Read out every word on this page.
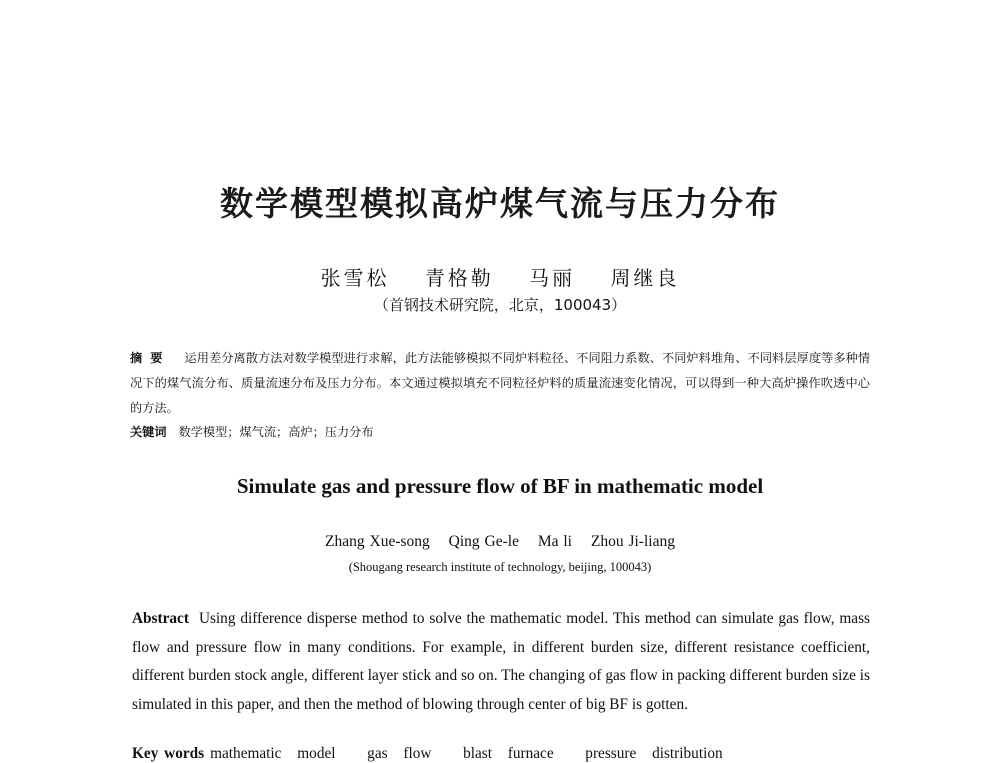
数学模型模拟高炉煤气流与压力分布
张雪松 青格勒 马丽 周继良
（首钢技术研究院，北京，100043）
摘要 运用差分离散方法对数学模型进行求解，此方法能够模拟不同炉料粒径、不同阻力系数、不同炉料堆角、不同料层厚度等多种情况下的煤气流分布、质量流速分布及压力分布。本文通过模拟填充不同粒径炉料的质量流速变化情况，可以得到一种大高炉操作吹透中心的方法。
关键词 数学模型；煤气流；高炉；压力分布
Simulate gas and pressure flow of BF in mathematic model
Zhang Xue-song Qing Ge-le Ma li Zhou Ji-liang
(Shougang research institute of technology, beijing, 100043)
Abstract Using difference disperse method to solve the mathematic model. This method can simulate gas flow, mass flow and pressure flow in many conditions. For example, in different burden size, different resistance coefficient, different burden stock angle, different layer stick and so on. The changing of gas flow in packing different burden size is simulated in this paper, and then the method of blowing through center of big BF is gotten.
Key words mathematic model  gas flow  blast furnace  pressure distribution
